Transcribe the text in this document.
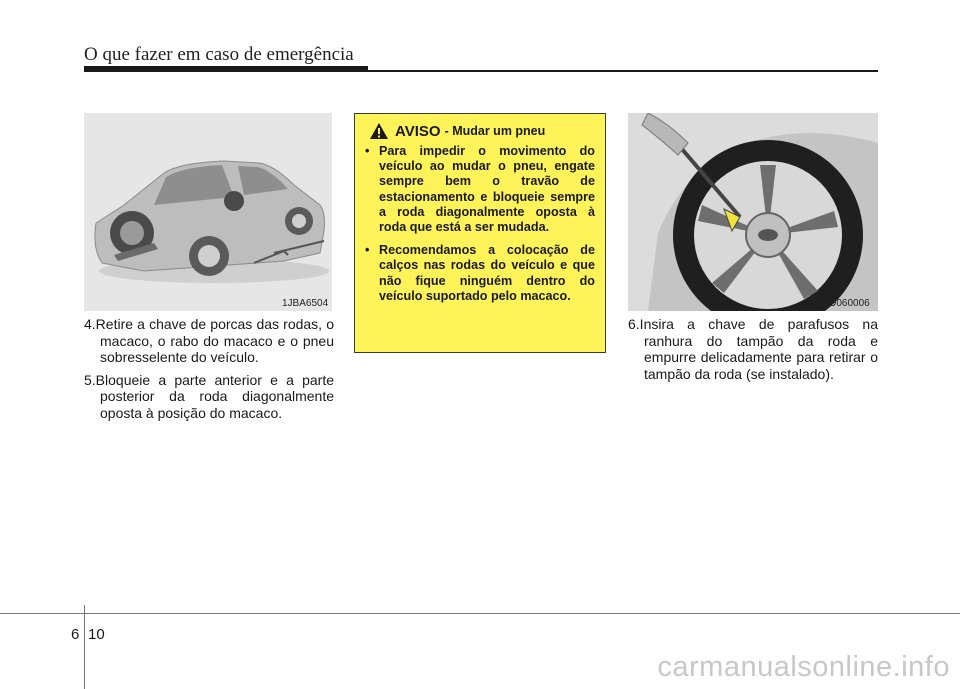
O que fazer em caso de emergência
1JBA6504

4.Retire a chave de porcas das rodas, o macaco, o rabo do macaco e o pneu sobresselente do veículo.

5.Bloqueie a parte anterior e a parte posterior da roda diagonalmente oposta à posição do macaco.

AVISO - Mudar um pneu
• Para impedir o movimento do veículo ao mudar o pneu, engate sempre bem o travão de estacionamento e bloqueie sempre a roda diagonalmente oposta à roda que está a ser mudada.
• Recomendamos a colocação de calços nas rodas do veículo e que não fique ninguém dentro do veículo suportado pelo macaco.
OMD060006

6.Insira a chave de parafusos na ranhura do tampão da roda e empurre delicadamente para retirar o tampão da roda (se instalado).

6 10
carmanualsonline.info
